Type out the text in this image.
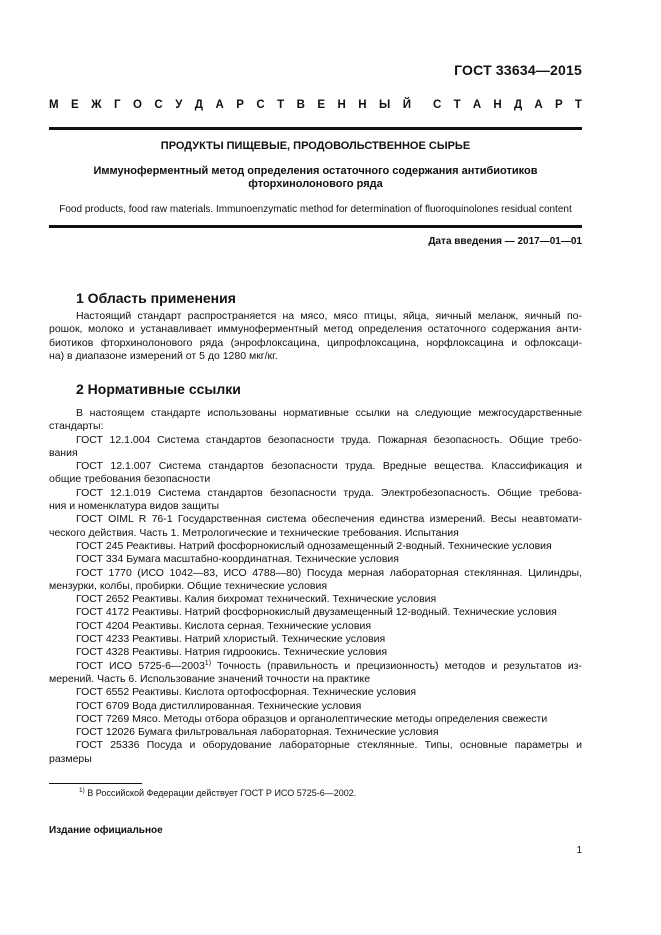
ГОСТ 33634—2015
М Е Ж Г О С У Д А Р С Т В Е Н Н Ы Й С Т А Н Д А Р Т
ПРОДУКТЫ ПИЩЕВЫЕ, ПРОДОВОЛЬСТВЕННОЕ СЫРЬЕ
Иммуноферментный метод определения остаточного содержания антибиотиков
фторхинолонового ряда
Food products, food raw materials. Immunoenzymatic method for determination of fluoroquinolones residual content
Дата введения — 2017—01—01
1 Область применения
Настоящий стандарт распространяется на мясо, мясо птицы, яйца, яичный меланж, яичный по-
рошок, молоко и устанавливает иммуноферментный метод определения остаточного содержания анти-
биотиков фторхинолонового ряда (энрофлоксацина, ципрофлоксацина, норфлоксацина и офлоксаци-
на) в диапазоне измерений от 5 до 1280 мкг/кг.
2 Нормативные ссылки
В настоящем стандарте использованы нормативные ссылки на следующие межгосударственные
стандарты:
ГОСТ 12.1.004 Система стандартов безопасности труда. Пожарная безопасность. Общие требо-
вания
ГОСТ 12.1.007 Система стандартов безопасности труда. Вредные вещества. Классификация и
общие требования безопасности
ГОСТ 12.1.019 Система стандартов безопасности труда. Электробезопасность. Общие требова-
ния и номенклатура видов защиты
ГОСТ OIML R 76-1 Государственная система обеспечения единства измерений. Весы неавтомати-
ческого действия. Часть 1. Метрологические и технические требования. Испытания
ГОСТ 245 Реактивы. Натрий фосфорнокислый однозамещенный 2-водный. Технические условия
ГОСТ 334 Бумага масштабно-координатная. Технические условия
ГОСТ 1770 (ИСО 1042—83, ИСО 4788—80) Посуда мерная лабораторная стеклянная. Цилиндры,
мензурки, колбы, пробирки. Общие технические условия
ГОСТ 2652 Реактивы. Калия бихромат технический. Технические условия
ГОСТ 4172 Реактивы. Натрий фосфорнокислый двузамещенный 12-водный. Технические условия
ГОСТ 4204 Реактивы. Кислота серная. Технические условия
ГОСТ 4233 Реактивы. Натрий хлористый. Технические условия
ГОСТ 4328 Реактивы. Натрия гидроокись. Технические условия
ГОСТ ИСО 5725-6—2003$^{1)}$ Точность (правильность и прецизионность) методов и результатов из-
мерений. Часть 6. Использование значений точности на практике
ГОСТ 6552 Реактивы. Кислота ортофосфорная. Технические условия
ГОСТ 6709 Вода дистиллированная. Технические условия
ГОСТ 7269 Мясо. Методы отбора образцов и органолептические методы определения свежести
ГОСТ 12026 Бумага фильтровальная лабораторная. Технические условия
ГОСТ 25336 Посуда и оборудование лабораторные стеклянные. Типы, основные параметры и
размеры
$^{1)}$ В Российской Федерации действует ГОСТ Р ИСО 5725-6—2002.
Издание официальное
1
